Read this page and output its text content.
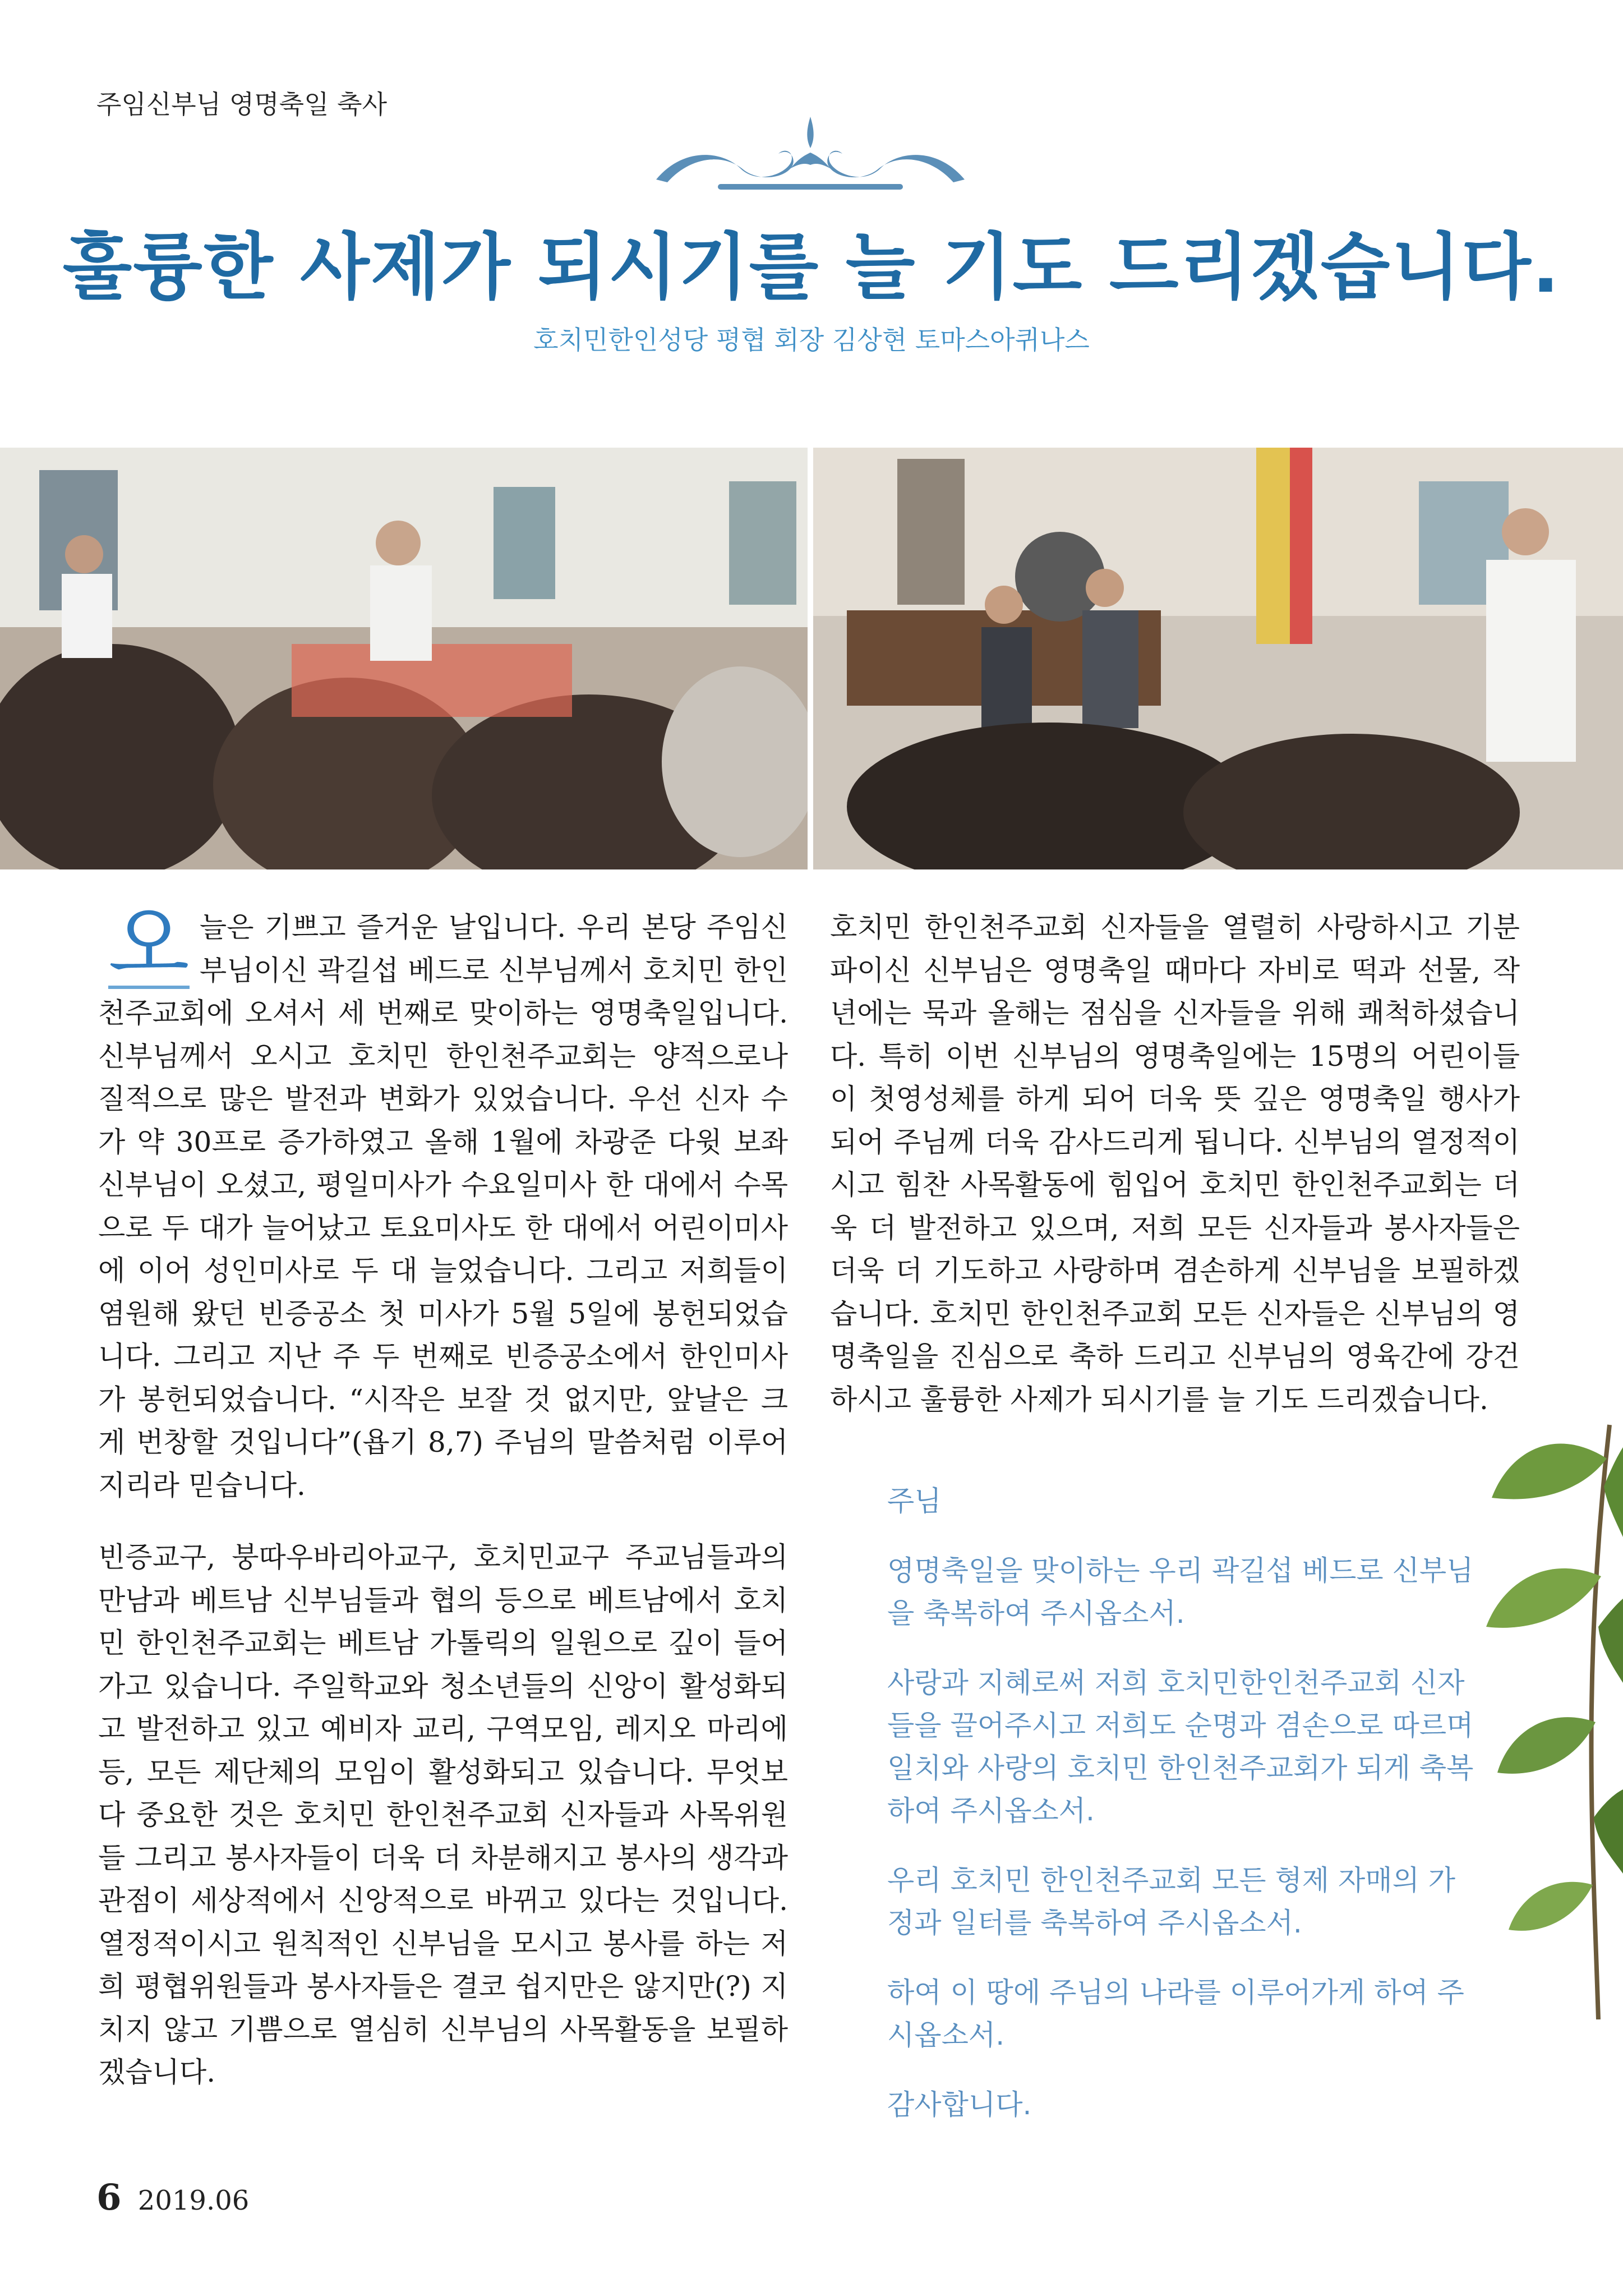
주임신부님 영명축일 축사
훌륭한 사제가 되시기를 늘 기도 드리겠습니다.
호치민한인성당 평협 회장 김상현 토마스아퀴나스

오 늘은 기쁘고 즐거운 날입니다. 우리 본당 주임신부님이신 곽길섭 베드로 신부님께서 호치민 한인천주교회에 오셔서 세 번째로 맞이하는 영명축일입니다. 신부님께서 오시고 호치민 한인천주교회는 양적으로나 질적으로 많은 발전과 변화가 있었습니다. 우선 신자 수가 약 30프로 증가하였고 올해 1월에 차광준 다윗 보좌신부님이 오셨고, 평일미사가 수요일미사 한 대에서 수목으로 두 대가 늘어났고 토요미사도 한 대에서 어린이미사에 이어 성인미사로 두 대 늘었습니다. 그리고 저희들이 염원해 왔던 빈증공소 첫 미사가 5월 5일에 봉헌되었습니다. 그리고 지난 주 두 번째로 빈증공소에서 한인미사가 봉헌되었습니다. “시작은 보잘 것 없지만, 앞날은 크게 번창할 것입니다”(욥기 8,7) 주님의 말씀처럼 이루어지리라 믿습니다.

빈증교구, 붕따우바리아교구, 호치민교구 주교님들과의 만남과 베트남 신부님들과 협의 등으로 베트남에서 호치민 한인천주교회는 베트남 가톨릭의 일원으로 깊이 들어가고 있습니다. 주일학교와 청소년들의 신앙이 활성화되고 발전하고 있고 예비자 교리, 구역모임, 레지오 마리에 등, 모든 제단체의 모임이 활성화되고 있습니다. 무엇보다 중요한 것은 호치민 한인천주교회 신자들과 사목위원들 그리고 봉사자들이 더욱 더 차분해지고 봉사의 생각과 관점이 세상적에서 신앙적으로 바뀌고 있다는 것입니다. 열정적이시고 원칙적인 신부님을 모시고 봉사를 하는 저희 평협위원들과 봉사자들은 결코 쉽지만은 않지만(?) 지치지 않고 기쁨으로 열심히 신부님의 사목활동을 보필하겠습니다.

호치민 한인천주교회 신자들을 열렬히 사랑하시고 기분파이신 신부님은 영명축일 때마다 자비로 떡과 선물, 작년에는 묵과 올해는 점심을 신자들을 위해 쾌척하셨습니다. 특히 이번 신부님의 영명축일에는 15명의 어린이들이 첫영성체를 하게 되어 더욱 뜻 깊은 영명축일 행사가 되어 주님께 더욱 감사드리게 됩니다. 신부님의 열정적이시고 힘찬 사목활동에 힘입어 호치민 한인천주교회는 더욱 더 발전하고 있으며, 저희 모든 신자들과 봉사자들은 더욱 더 기도하고 사랑하며 겸손하게 신부님을 보필하겠습니다. 호치민 한인천주교회 모든 신자들은 신부님의 영명축일을 진심으로 축하 드리고 신부님의 영육간에 강건하시고 훌륭한 사제가 되시기를 늘 기도 드리겠습니다.

주님

영명축일을 맞이하는 우리 곽길섭 베드로 신부님을 축복하여 주시옵소서.

사랑과 지혜로써 저희 호치민한인천주교회 신자들을 끌어주시고 저희도 순명과 겸손으로 따르며 일치와 사랑의 호치민 한인천주교회가 되게 축복하여 주시옵소서.

우리 호치민 한인천주교회 모든 형제 자매의 가정과 일터를 축복하여 주시옵소서.

하여 이 땅에 주님의 나라를 이루어가게 하여 주시옵소서.

감사합니다.

6 2019.06
